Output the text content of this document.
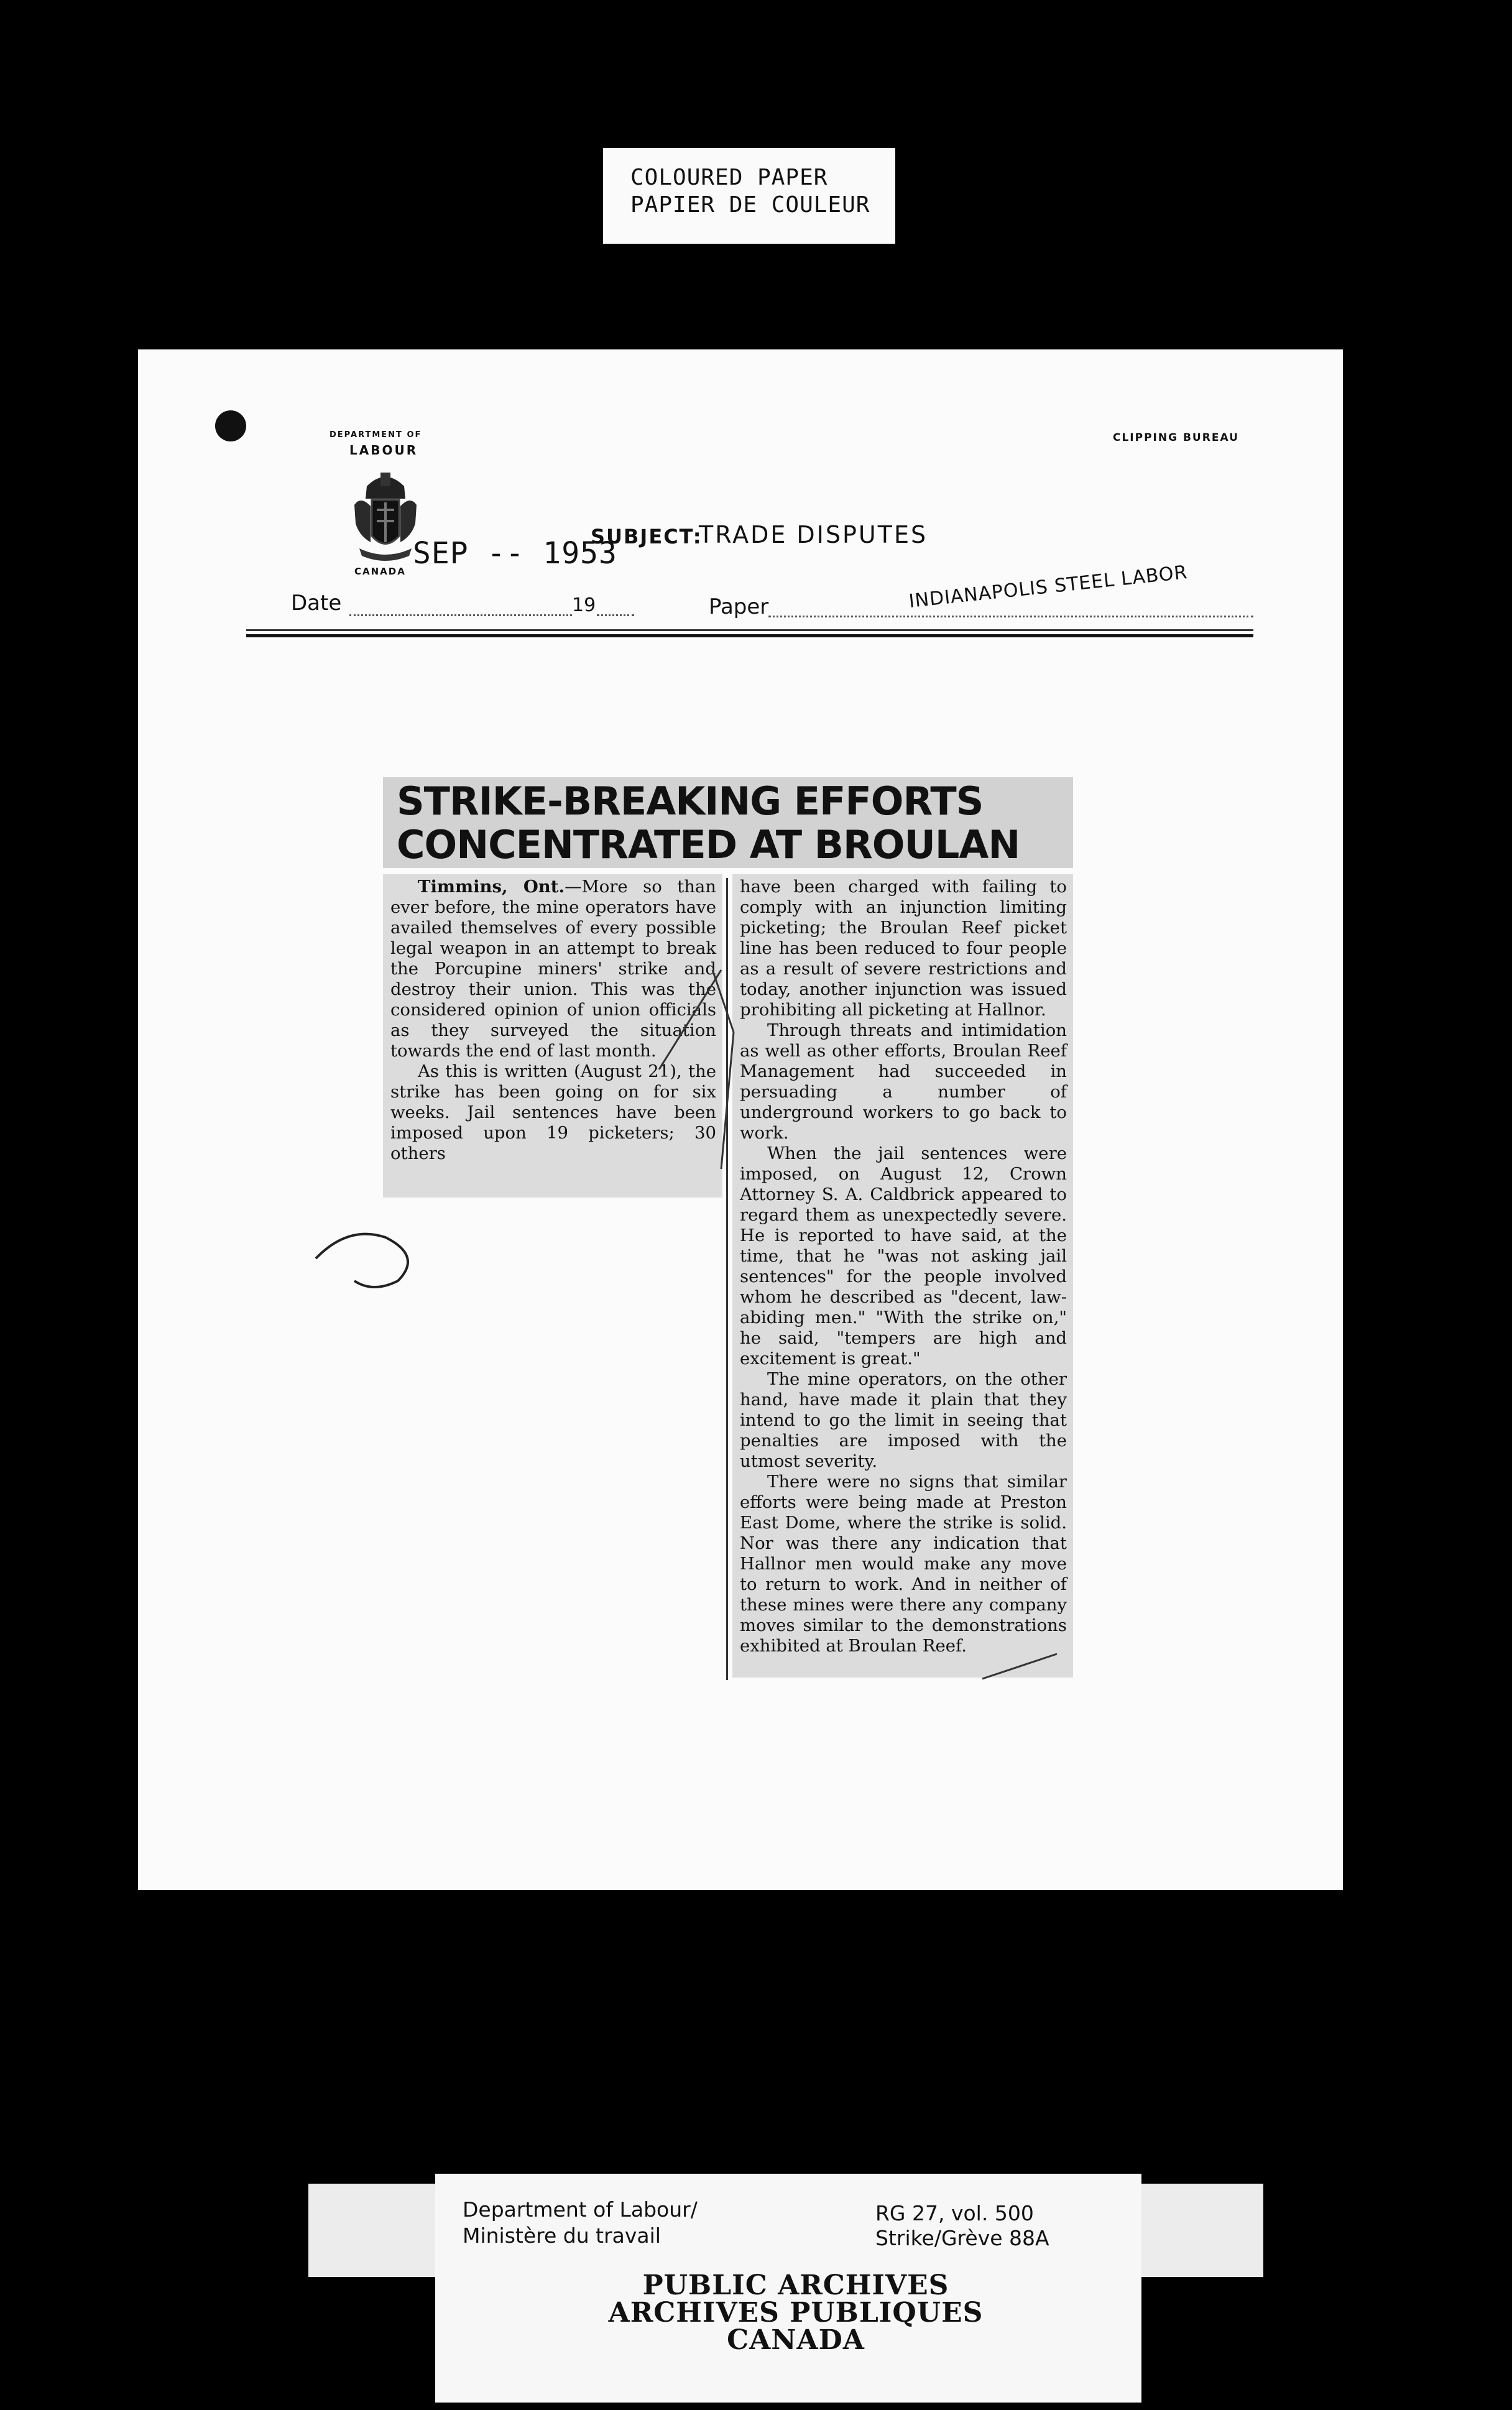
COLOURED PAPER
PAPIER DE COULEUR
DEPARTMENT OF
LABOUR
CANADA
CLIPPING BUREAU
SEP -- 1953
SUBJECT:
TRADE DISPUTES
Date	19	Paper	INDIANAPOLIS STEEL LABOR
STRIKE-BREAKING EFFORTS
CONCENTRATED AT BROULAN

Timmins, Ont.—More so than ever before, the mine operators have availed themselves of every possible legal weapon in an attempt to break the Porcupine miners' strike and destroy their union. This was the considered opinion of union officials as they surveyed the situation towards the end of last month.

As this is written (August 21), the strike has been going on for six weeks. Jail sentences have been imposed upon 19 picketers; 30 others

have been charged with failing to comply with an injunction limiting picketing; the Broulan Reef picket line has been reduced to four people as a result of severe restrictions and today, another injunction was issued prohibiting all picketing at Hallnor.

Through threats and intimidation as well as other efforts, Broulan Reef Management had succeeded in persuading a number of underground workers to go back to work.

When the jail sentences were imposed, on August 12, Crown Attorney S. A. Caldbrick appeared to regard them as unexpectedly severe. He is reported to have said, at the time, that he "was not asking jail sentences" for the people involved whom he described as "decent, law-abiding men." "With the strike on," he said, "tempers are high and excitement is great."

The mine operators, on the other hand, have made it plain that they intend to go the limit in seeing that penalties are imposed with the utmost severity.

There were no signs that similar efforts were being made at Preston East Dome, where the strike is solid. Nor was there any indication that Hallnor men would make any move to return to work. And in neither of these mines were there any company moves similar to the demonstrations exhibited at Broulan Reef.

Department of Labour/
Ministère du travail
RG 27, vol. 500
Strike/Grève 88A
PUBLIC ARCHIVES
ARCHIVES PUBLIQUES
CANADA
